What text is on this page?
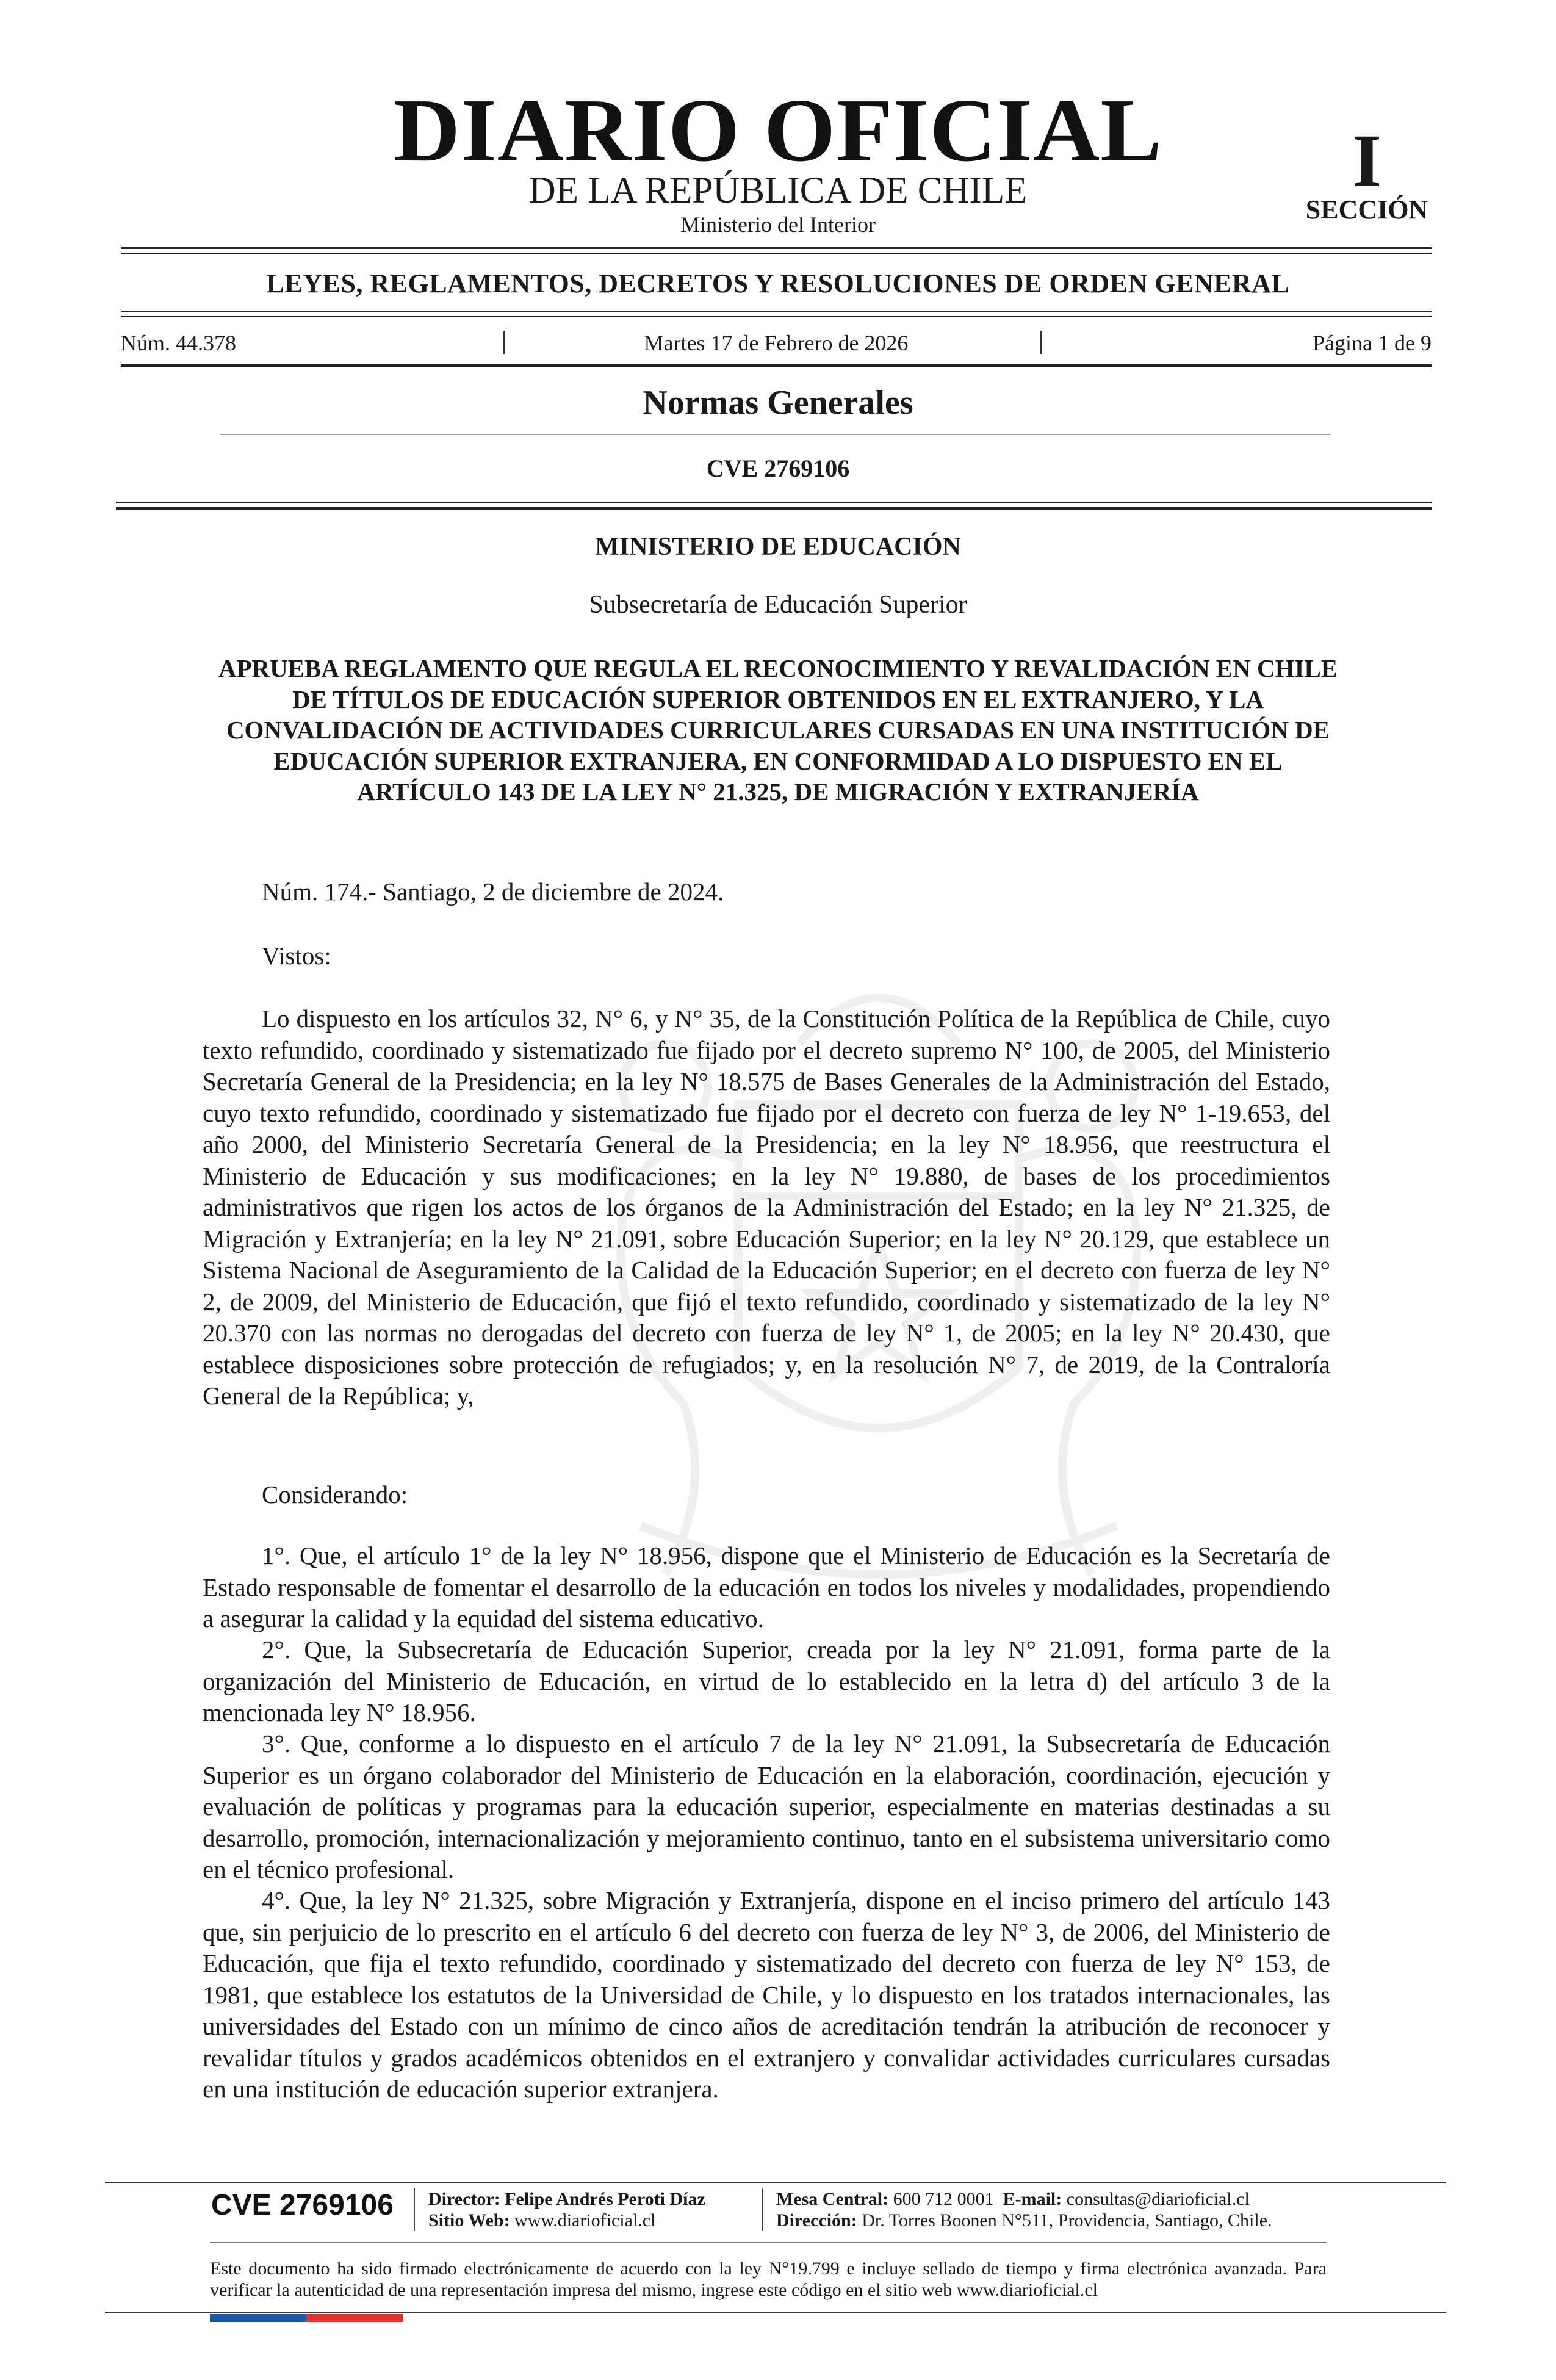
DIARIO OFICIAL
DE LA REPÚBLICA DE CHILE
Ministerio del Interior
I
SECCIÓN
LEYES, REGLAMENTOS, DECRETOS Y RESOLUCIONES DE ORDEN GENERAL
Núm. 44.378	Martes 17 de Febrero de 2026	Página 1 de 9
Normas Generales
CVE 2769106
MINISTERIO DE EDUCACIÓN
Subsecretaría de Educación Superior
APRUEBA REGLAMENTO QUE REGULA EL RECONOCIMIENTO Y REVALIDACIÓN EN CHILE DE TÍTULOS DE EDUCACIÓN SUPERIOR OBTENIDOS EN EL EXTRANJERO, Y LA CONVALIDACIÓN DE ACTIVIDADES CURRICULARES CURSADAS EN UNA INSTITUCIÓN DE EDUCACIÓN SUPERIOR EXTRANJERA, EN CONFORMIDAD A LO DISPUESTO EN EL ARTÍCULO 143 DE LA LEY N° 21.325, DE MIGRACIÓN Y EXTRANJERÍA
Núm. 174.- Santiago, 2 de diciembre de 2024.
Vistos:
Lo dispuesto en los artículos 32, N° 6, y N° 35, de la Constitución Política de la República de Chile, cuyo texto refundido, coordinado y sistematizado fue fijado por el decreto supremo N° 100, de 2005, del Ministerio Secretaría General de la Presidencia; en la ley N° 18.575 de Bases Generales de la Administración del Estado, cuyo texto refundido, coordinado y sistematizado fue fijado por el decreto con fuerza de ley N° 1-19.653, del año 2000, del Ministerio Secretaría General de la Presidencia; en la ley N° 18.956, que reestructura el Ministerio de Educación y sus modificaciones; en la ley N° 19.880, de bases de los procedimientos administrativos que rigen los actos de los órganos de la Administración del Estado; en la ley N° 21.325, de Migración y Extranjería; en la ley N° 21.091, sobre Educación Superior; en la ley N° 20.129, que establece un Sistema Nacional de Aseguramiento de la Calidad de la Educación Superior; en el decreto con fuerza de ley N° 2, de 2009, del Ministerio de Educación, que fijó el texto refundido, coordinado y sistematizado de la ley N° 20.370 con las normas no derogadas del decreto con fuerza de ley N° 1, de 2005; en la ley N° 20.430, que establece disposiciones sobre protección de refugiados; y, en la resolución N° 7, de 2019, de la Contraloría General de la República; y,
Considerando:
1°. Que, el artículo 1° de la ley N° 18.956, dispone que el Ministerio de Educación es la Secretaría de Estado responsable de fomentar el desarrollo de la educación en todos los niveles y modalidades, propendiendo a asegurar la calidad y la equidad del sistema educativo.
2°. Que, la Subsecretaría de Educación Superior, creada por la ley N° 21.091, forma parte de la organización del Ministerio de Educación, en virtud de lo establecido en la letra d) del artículo 3 de la mencionada ley N° 18.956.
3°. Que, conforme a lo dispuesto en el artículo 7 de la ley N° 21.091, la Subsecretaría de Educación Superior es un órgano colaborador del Ministerio de Educación en la elaboración, coordinación, ejecución y evaluación de políticas y programas para la educación superior, especialmente en materias destinadas a su desarrollo, promoción, internacionalización y mejoramiento continuo, tanto en el subsistema universitario como en el técnico profesional.
4°. Que, la ley N° 21.325, sobre Migración y Extranjería, dispone en el inciso primero del artículo 143 que, sin perjuicio de lo prescrito en el artículo 6 del decreto con fuerza de ley N° 3, de 2006, del Ministerio de Educación, que fija el texto refundido, coordinado y sistematizado del decreto con fuerza de ley N° 153, de 1981, que establece los estatutos de la Universidad de Chile, y lo dispuesto en los tratados internacionales, las universidades del Estado con un mínimo de cinco años de acreditación tendrán la atribución de reconocer y revalidar títulos y grados académicos obtenidos en el extranjero y convalidar actividades curriculares cursadas en una institución de educación superior extranjera.
CVE 2769106 Director: Felipe Andrés Peroti Díaz
Sitio Web: www.diarioficial.cl
Mesa Central: 600 712 0001 E-mail: consultas@diarioficial.cl
Dirección: Dr. Torres Boonen N°511, Providencia, Santiago, Chile.
Este documento ha sido firmado electrónicamente de acuerdo con la ley N°19.799 e incluye sellado de tiempo y firma electrónica avanzada. Para verificar la autenticidad de una representación impresa del mismo, ingrese este código en el sitio web www.diarioficial.cl
